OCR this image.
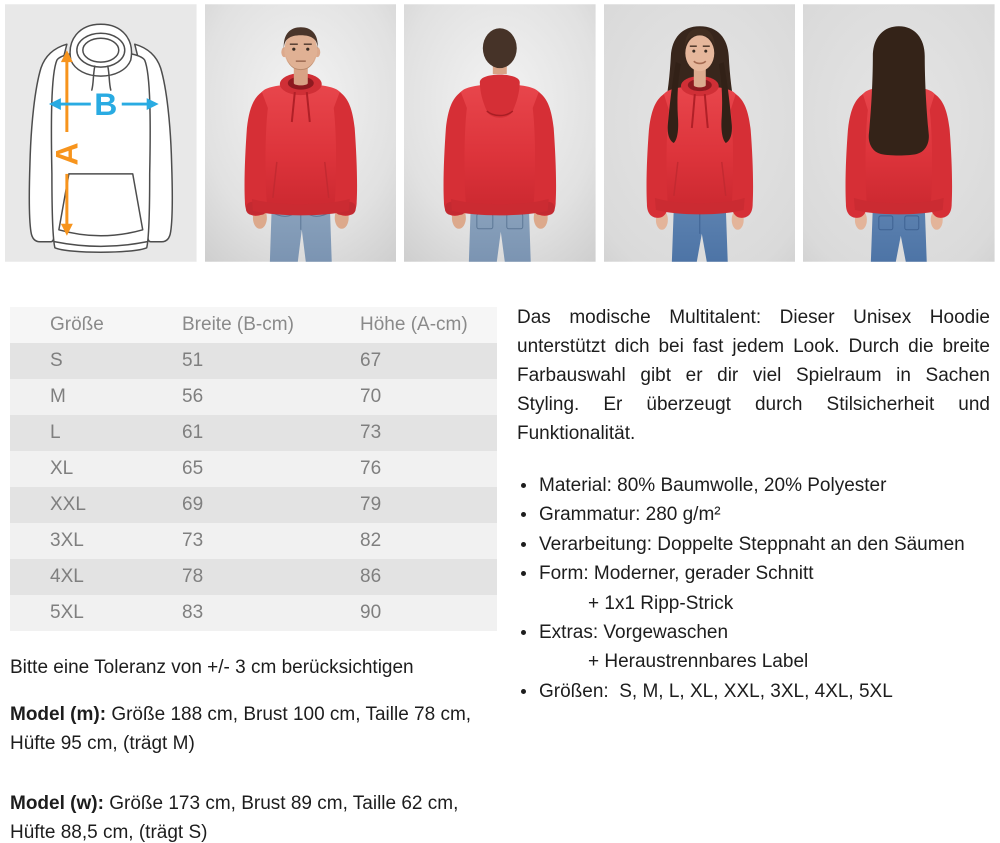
A
B
Größe	Breite (B-cm)	Höhe (A-cm)
S	51	67
M	56	70
L	61	73
XL	65	76
XXL	69	79
3XL	73	82
4XL	78	86
5XL	83	90
Bitte eine Toleranz von +/- 3 cm berücksichtigen

Model (m): Größe 188 cm, Brust 100 cm, Taille 78 cm, Hüfte 95 cm, (trägt M)

Model (w): Größe 173 cm, Brust 89 cm, Taille 62 cm, Hüfte 88,5 cm, (trägt S)

Das modische Multitalent: Dieser Unisex Hoodie unterstützt dich bei fast jedem Look. Durch die breite Farbauswahl gibt er dir viel Spielraum in Sachen Styling. Er überzeugt durch Stilsicherheit und Funktionalität.

Material: 80% Baumwolle, 20% Polyester
Grammatur: 280 g/m²
Verarbeitung: Doppelte Steppnaht an den Säumen
Form: Moderner, gerader Schnitt
+ 1x1 Ripp-Strick
Extras: Vorgewaschen
+ Heraustrennbares Label
Größen:  S, M, L, XL, XXL, 3XL, 4XL, 5XL
